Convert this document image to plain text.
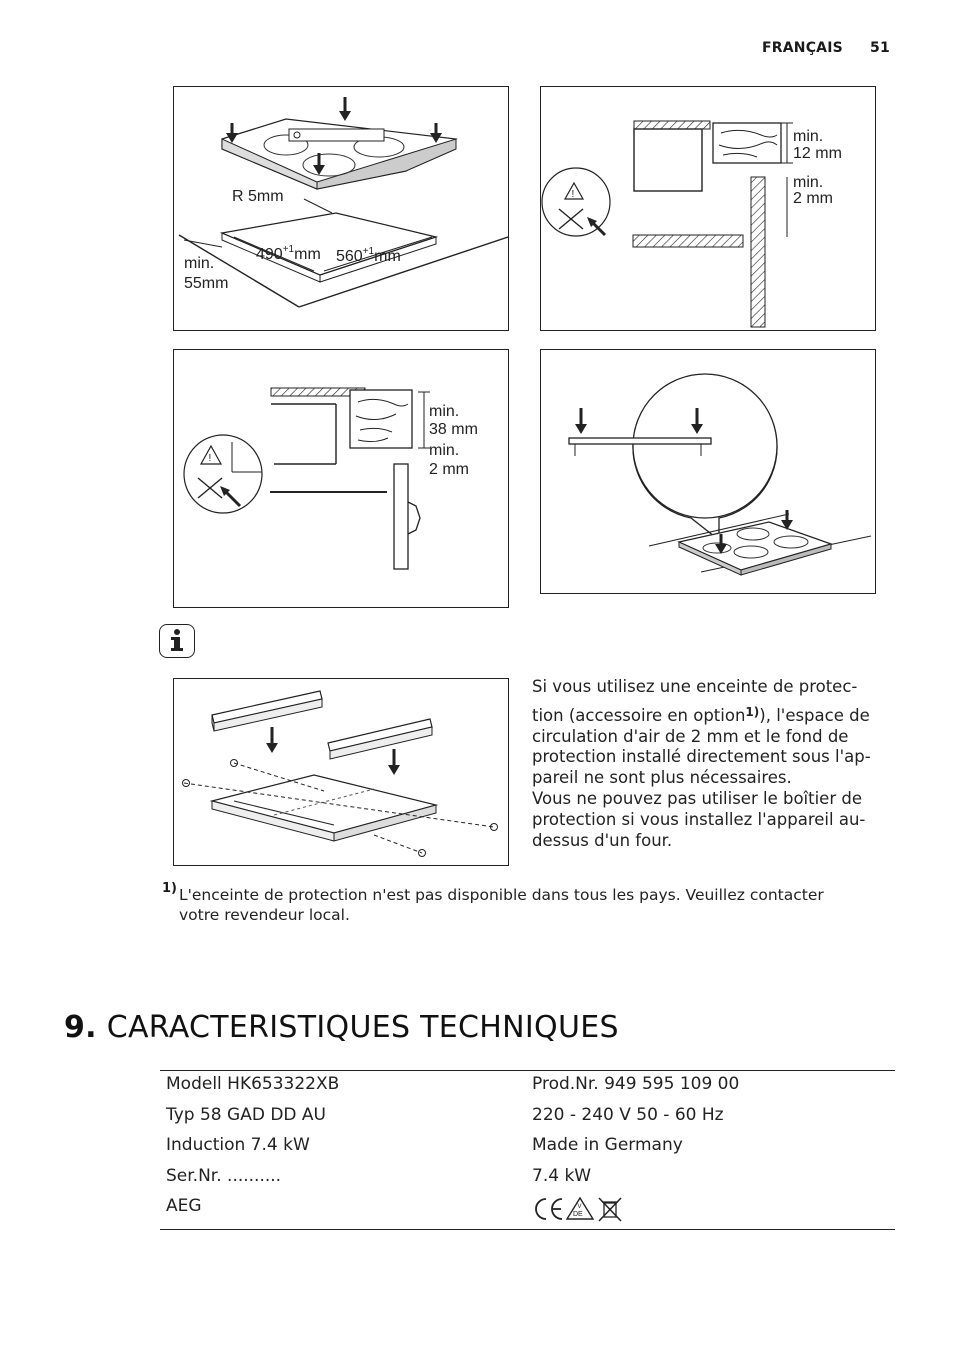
FRANÇAIS 51
R 5mm
$490^{+1}mm$ $560^{+1}mm$
min.
55mm
!
min.
12 mm
min.
2 mm
!
min.
38 mm
min.
2 mm
Si vous utilisez une enceinte de protec-
tion (accessoire en option$^{1)}$), l'espace de
circulation d'air de 2 mm et le fond de
protection installé directement sous l'ap-
pareil ne sont plus nécessaires.
Vous ne pouvez pas utiliser le boîtier de
protection si vous installez l'appareil au-
dessus d'un four.
1) L'enceinte de protection n'est pas disponible dans tous les pays. Veuillez contacter
votre revendeur local.
9. CARACTERISTIQUES TECHNIQUES
Modell HK653322XB	Prod.Nr. 949 595 109 00
Typ 58 GAD DD AU	220 - 240 V 50 - 60 Hz
Induction 7.4 kW	Made in Germany
Ser.Nr. ..........	7.4 kW
AEG	DE
V
